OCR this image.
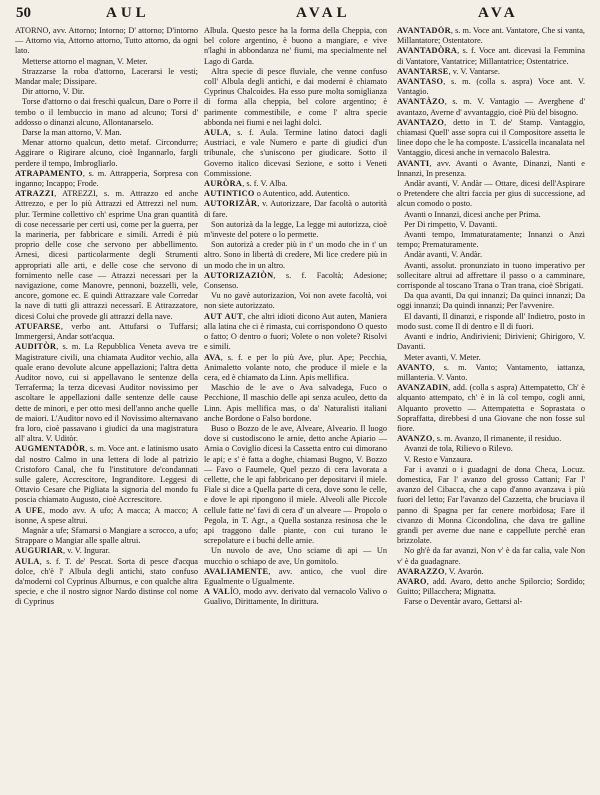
50	AUL	AVAL	AVA

ATORNO, avv. Attorno; Intorno; D' attorno; D'intorno — Attorno via, Attorno attorno, Tutto attorno, da ogni lato.

Metterse attorno el magnan, V. Meter.

Strazzarse la roba d'attorno, Lacerarsi le vesti; Mandar male; Dissipare.

Dir attorno, V. Dir.

Torse d'attorno o dai freschi qualcun, Dare o Porre il tembo o il lembuccio in mano ad alcuno; Torsi d' addosso o dinanzi alcuno, Allontanarselo.

Darse la man attorno, V. Man.

Menar attorno qualcun, detto metaf. Circondurre; Aggirare o Rigirare alcuno, cioè Ingannarlo, fargli perdere il tempo, Imbrogliarlo.

ATRAPAMENTO, s. m. Attrapperia, Sorpresa con inganno; Incappo; Frode.

ATRAZZI, ATREZZI, s. m. Attrazzo ed anche Attrezzo, e per lo più Attrazzi ed Attrezzi nel num. plur. Termine collettivo ch' esprime Una gran quantità di cose necessarie per certi usi, come per la guerra, per la marineria, per fabbricare e simili. Arredi è più proprio delle cose che servono per abbellimento. Arnesi, dicesi particolarmente degli Strumenti appropriati alle arti, e delle cose che servono di fornimento nelle case — Atrazzi necessari per la navigazione, come Manovre, pennoni, bozzelli, vele, ancore, gomone ec. E quindi Attrazzare vale Corredar la nave di tutti gli attrazzi necessarî. E Attrazzatore, dicesi Colui che provede gli attrazzi della nave.

ATUFARSE, verbo ant. Attufarsi o Tuffarsi; Immergersi, Andar sott'acqua.

AUDITÒR, s. m. La Repubblica Veneta aveva tre Magistrature civili, una chiamata Auditor vechio, alla quale erano devolute alcune appellazioni; l'altra detta Auditor novo, cui si appellavano le sentenze della Terraferma; la terza dicevasi Auditor novissimo per ascoltare le appellazioni dalle sentenze delle cause dette de minori, e per otto mesi dell'anno anche quelle de maiori. L'Auditor novo ed il Novissimo alternavano fra loro, cioè passavano i giudici da una magistratura all' altra. V. Uditòr.

AUGMENTADÒR, s. m. Voce ant. e latinismo usato dal nostro Calmo in una lettera di lode al patrizio Cristoforo Canal, che fu l'institutore de'condannati sulle galere, Accrescitore, Ingranditore. Leggesi di Ottavio Cesare che Pigliata la signoria del mondo fu poscia chiamato Augusto, cioè Accrescitore.

A UFE, modo avv. A ufo; A macca; A macco; A isonne, A spese altrui.

Magnàr a ufe; Sfamarsi o Mangiare a scrocco, a ufo; Strappare o Mangiar alle spalle altrui.

AUGURIAR, v. V. Ingurar.

AULA, s. f. T. de' Pescat. Sorta di pesce d'acqua dolce, ch'è l' Albula degli antichi, stato confuso da'moderni col Cyprinus Alburnus, e con qualche altra specie, e che il nostro signor Nardo distinse col nome di Cyprinus

Albula. Questo pesce ha la forma della Cheppia, con bel colore argentino, è buono a mangiare, e vive n'laghi in abbondanza ne' fiumi, ma specialmente nel Lago di Garda.

Altra specie di pesce fluviale, che venne confuso coll' Albula degli antichi, e dai moderni è chiamato Cyprinus Chalcoides. Ha esso pure molta somiglianza di forma alla cheppia, bel colore argentino; è parimente commestibile, e come l' altra specie abbonda nei fiumi e nei laghi dolci.

AULA, s. f. Aula. Termine latino datoci dagli Austriaci, e vale Numero e parte di giudici d'un tribunale, che s'uniscono per giudicare. Sotto il Governo italico dicevasi Sezione, e sotto i Veneti Commissione.

AURÒRA, s. f. V. Alba.

AUTINTICO o Autentico, add. Autentico.

AUTORIZÀR, v. Autorizzare, Dar facoltà o autorità di fare.

Son autorizà da la legge, La legge mi autorizza, cioè m'investe del potere o lo permette.

Son autorizà a creder più in t' un modo che in t' un altro. Sono in libertà di credere, Mi lice credere più in un modo che in un altro.

AUTORIZAZIÒN, s. f. Facoltà; Adesione; Consenso.

Vu no gavè autorizazion, Voi non avete facoltà, voi non siete autorizzato.

AUT AUT, che altri idioti dicono Aut auten, Maniera alla latina che ci è rimasta, cui corrispondono O questo o fatto; O dentro o fuori; Volete o non volete? Risolvi e simili.

AVA, s. f. e per lo più Ave, plur. Ape; Pecchia, Animaletto volante noto, che produce il miele e la cera, ed è chiamato da Linn. Apis mellifica.

Maschio de le ave o Ava salvadega, Fuco o Pecchione, Il maschio delle api senza aculeo, detto da Linn. Apis mellifica mas, o da' Naturalisti italiani anche Bordone o Falso bordone.

Buso o Bozzo de le ave, Alveare, Alveario. Il luogo dove si custodiscono le arnie, detto anche Apiario — Arnia o Coviglio dicesi la Cassetta entro cui dimorano le api; e s' è fatta a doghe, chiamasi Bugno, V. Bozzo — Favo o Faumele, Quel pezzo di cera lavorata a cellette, che le api fabbricano per depositarvi il miele. Fiale si dice a Quella parte di cera, dove sono le celle, e dove le api ripongono il miele. Alveoli alle Piccole cellule fatte ne' favi di cera d' un alveare — Propolo o Pegola, in T. Agr., a Quella sostanza resinosa che le api traggono dalle piante, con cui turano le screpolature e i buchi delle arnie.

Un nuvolo de ave, Uno sciame di api — Un mucchio o schiapo de ave, Un gomitolo.

AVALIAMENTE, avv. antico, che vuol dire Egualmente o Ugualmente.

A VALÍO, modo avv. derivato dal vernacolo Valivo o Gualivo, Dirittamente, In dirittura.

AVANTADÒR, s. m. Voce ant. Vantatore, Che si vanta, Millantatore; Ostentatore.

AVANTADÒRA, s. f. Voce ant. dicevasi la Femmina di Vantatore, Vantatrice; Millantatrice; Ostentatrice.

AVANTARSE, v. V. Vantarse.

AVANTASO, s. m. (colla s. aspra) Voce ant. V. Vantagio.

AVANTÀZO, s. m. V. Vantagio — Averghene d' avantazo, Averne d' avvantaggio, cioè Più del bisogno.

AVANTAZO, detto in T. de' Stamp. Vantaggio, chiamasi Quell' asse sopra cui il Compositore assetta le linee dopo che le ha composte. L'assicella incanalata nel Vantaggio, dicesi anche in vernacolo Balestra.

AVANTI, avv. Avanti o Avante, Dinanzi, Nanti e Innanzi, In presenza.

Andàr avanti, V. Andàr — Ottare, dicesi dell'Aspirare o Pretendere che altri faccia per gius di successione, ad alcun comodo o posto.

Avanti o Innanzi, dicesi anche per Prima.

Per Di rimpetto, V. Davanti.

Avanti tempo, Immaturatamente; Innanzi o Anzi tempo; Prematuramente.

Andàr avanti, V. Andàr.

Avanti, assolut. pronunziato in tuono imperativo per sollecitare altrui ad affrettare il passo o a camminare, corrisponde al toscano Trana o Tran trana, cioè Sbrigati.

Da qua avanti, Da qui innanzi; Da quinci innanzi; Da oggi innanzi; Da quindi innanzi; Per l'avvenire.

El davanti, Il dinanzi, e risponde all' Indietro, posto in modo sust. come Il di dentro e Il di fuori.

Avanti e indrio, Andirivieni; Dirivieni; Ghirigoro, V. Davanti.

Meter avanti, V. Meter.

AVANTO, s. m. Vanto; Vantamento, iattanza, millanteria. V. Vanto.

AVANZADIN, add. (colla s aspra) Attempatetto, Ch' è alquanto attempato, ch' è in là col tempo, cogli anni, Alquanto provetto — Attempatetta e Soprastata o Sopraffatta, direbbesi d una Giovane che non fosse sul fiore.

AVANZO, s. m. Avanzo, Il rimanente, il residuo.

Avanzi de tola, Rilievo o Rilevo.

V. Resto e Vanzaura.

Far i avanzi o i guadagni de dona Checa, Locuz. domestica, Far l' avanzo del grosso Cattani; Far l' avanzo del Cibacca, che a capo d'anno avanzava i più fuori del letto; Far l'avanzo del Cazzetta, che bruciava il panno di Spagna per far cenere morbidosa; Fare il civanzo di Monna Cicondolina, che dava tre galline grandi per averne due nane e cappellute perchè eran brizzolate.

No gh'è da far avanzi, Non v' è da far calia, vale Non v' è da guadagnare.

AVARAZZO, V. Avarón.

AVARO, add. Avaro, detto anche Spilorcio; Sordido; Guitto; Pillacchera; Mignatta.

Farse o Deventàr avaro, Gettarsi al-
